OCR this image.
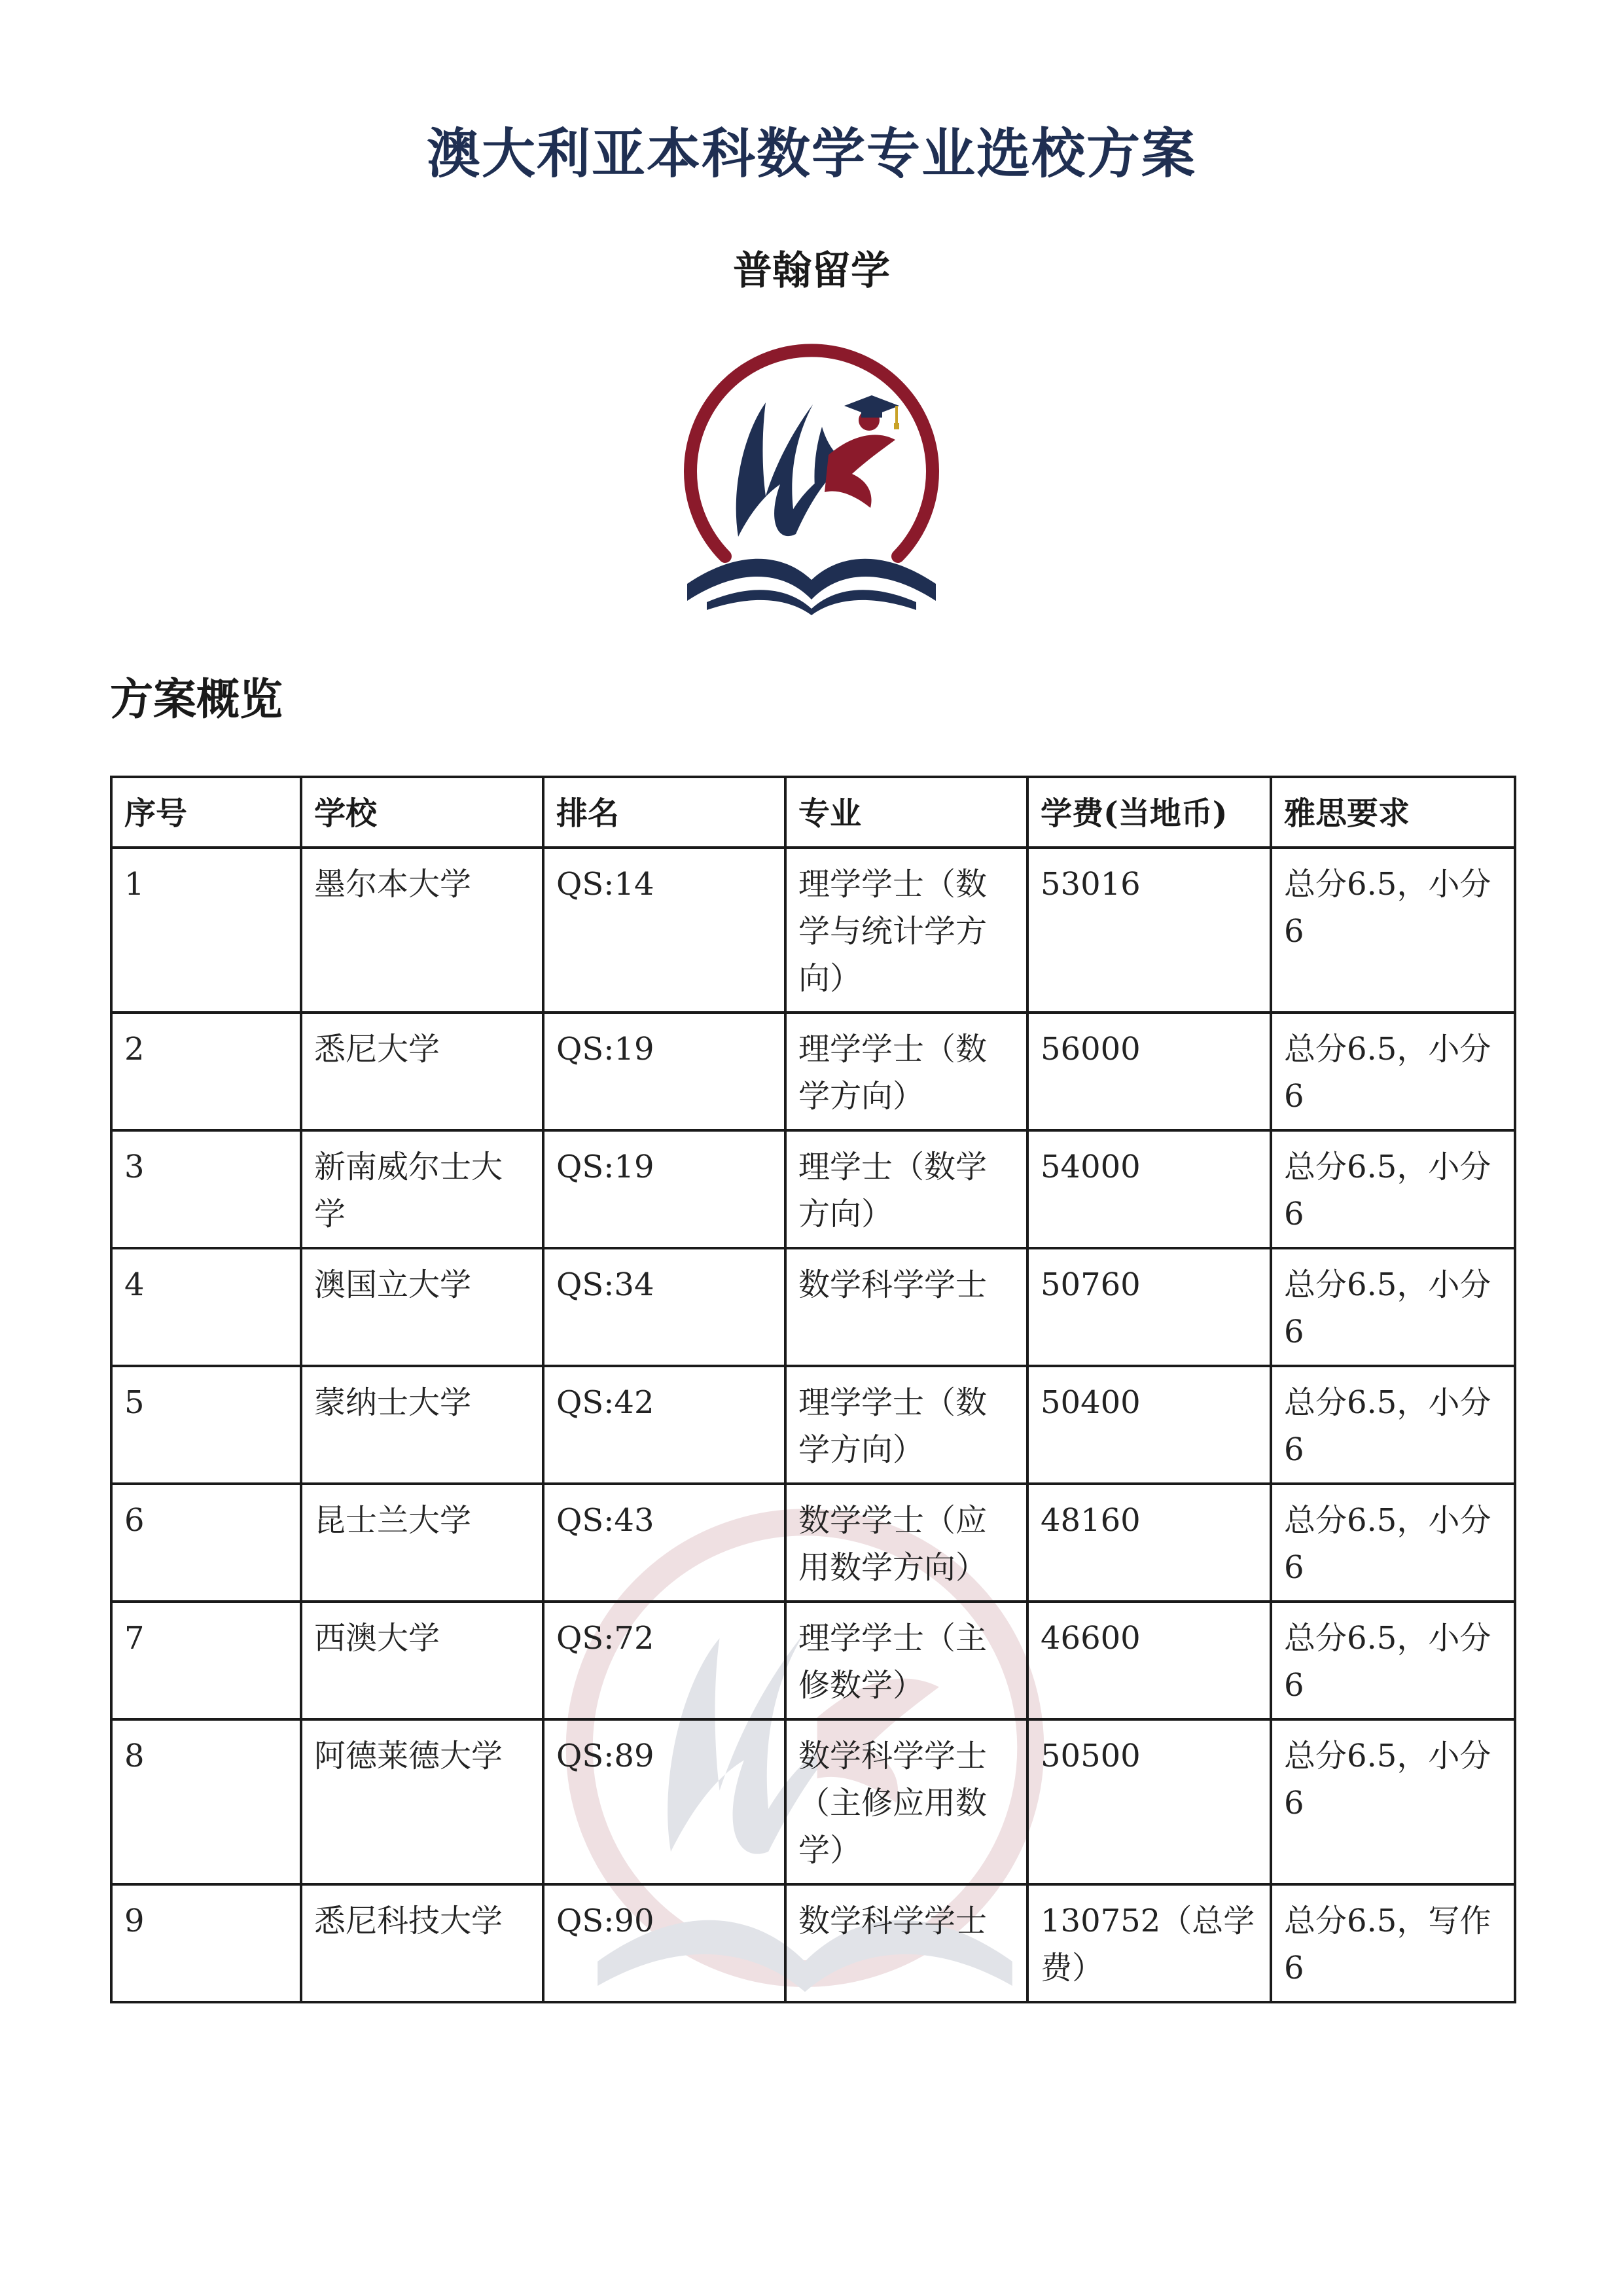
澳大利亚本科数学专业选校方案
普翰留学
方案概览
序号	学校	排名	专业	学费(当地币)	雅思要求
1	墨尔本大学	QS:14	理学学士（数学与统计学方向）	53016	总分6.5，小分6
2	悉尼大学	QS:19	理学学士（数学方向）	56000	总分6.5，小分6
3	新南威尔士大学	QS:19	理学士（数学方向）	54000	总分6.5，小分6
4	澳国立大学	QS:34	数学科学学士	50760	总分6.5，小分6
5	蒙纳士大学	QS:42	理学学士（数学方向）	50400	总分6.5，小分6
6	昆士兰大学	QS:43	数学学士（应用数学方向）	48160	总分6.5，小分6
7	西澳大学	QS:72	理学学士（主修数学）	46600	总分6.5，小分6
8	阿德莱德大学	QS:89	数学科学学士（主修应用数学）	50500	总分6.5，小分6
9	悉尼科技大学	QS:90	数学科学学士	130752（总学费）	总分6.5，写作6
